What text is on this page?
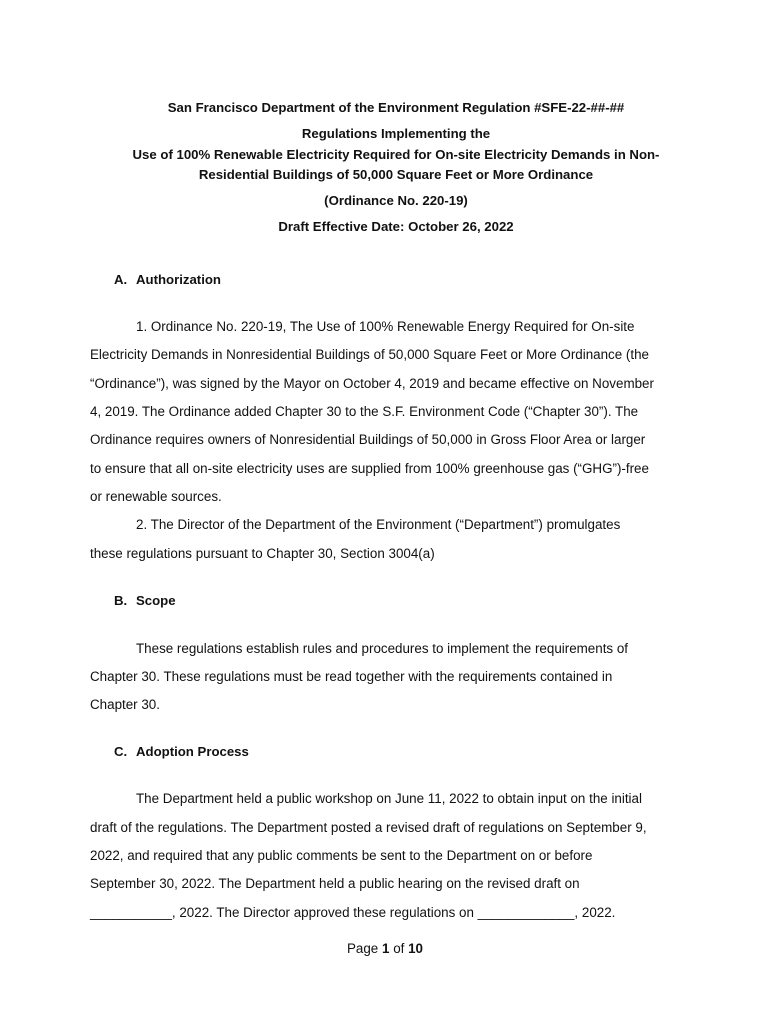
San Francisco Department of the Environment Regulation #SFE-22-##-##
Regulations Implementing the
Use of 100% Renewable Electricity Required for On-site Electricity Demands in Non-
Residential Buildings of 50,000 Square Feet or More Ordinance
(Ordinance No. 220-19)
Draft Effective Date: October 26, 2022
A. Authorization
1. Ordinance No. 220-19, The Use of 100% Renewable Energy Required for On-site
Electricity Demands in Nonresidential Buildings of 50,000 Square Feet or More Ordinance (the
“Ordinance”), was signed by the Mayor on October 4, 2019 and became effective on November
4, 2019. The Ordinance added Chapter 30 to the S.F. Environment Code (“Chapter 30”). The
Ordinance requires owners of Nonresidential Buildings of 50,000 in Gross Floor Area or larger
to ensure that all on-site electricity uses are supplied from 100% greenhouse gas (“GHG”)-free
or renewable sources.
2. The Director of the Department of the Environment (“Department”) promulgates
these regulations pursuant to Chapter 30, Section 3004(a)
B. Scope
These regulations establish rules and procedures to implement the requirements of
Chapter 30. These regulations must be read together with the requirements contained in
Chapter 30.
C. Adoption Process
The Department held a public workshop on June 11, 2022 to obtain input on the initial
draft of the regulations. The Department posted a revised draft of regulations on September 9,
2022, and required that any public comments be sent to the Department on or before
September 30, 2022. The Department held a public hearing on the revised draft on
___________, 2022. The Director approved these regulations on _____________, 2022.
Page 1 of 10
